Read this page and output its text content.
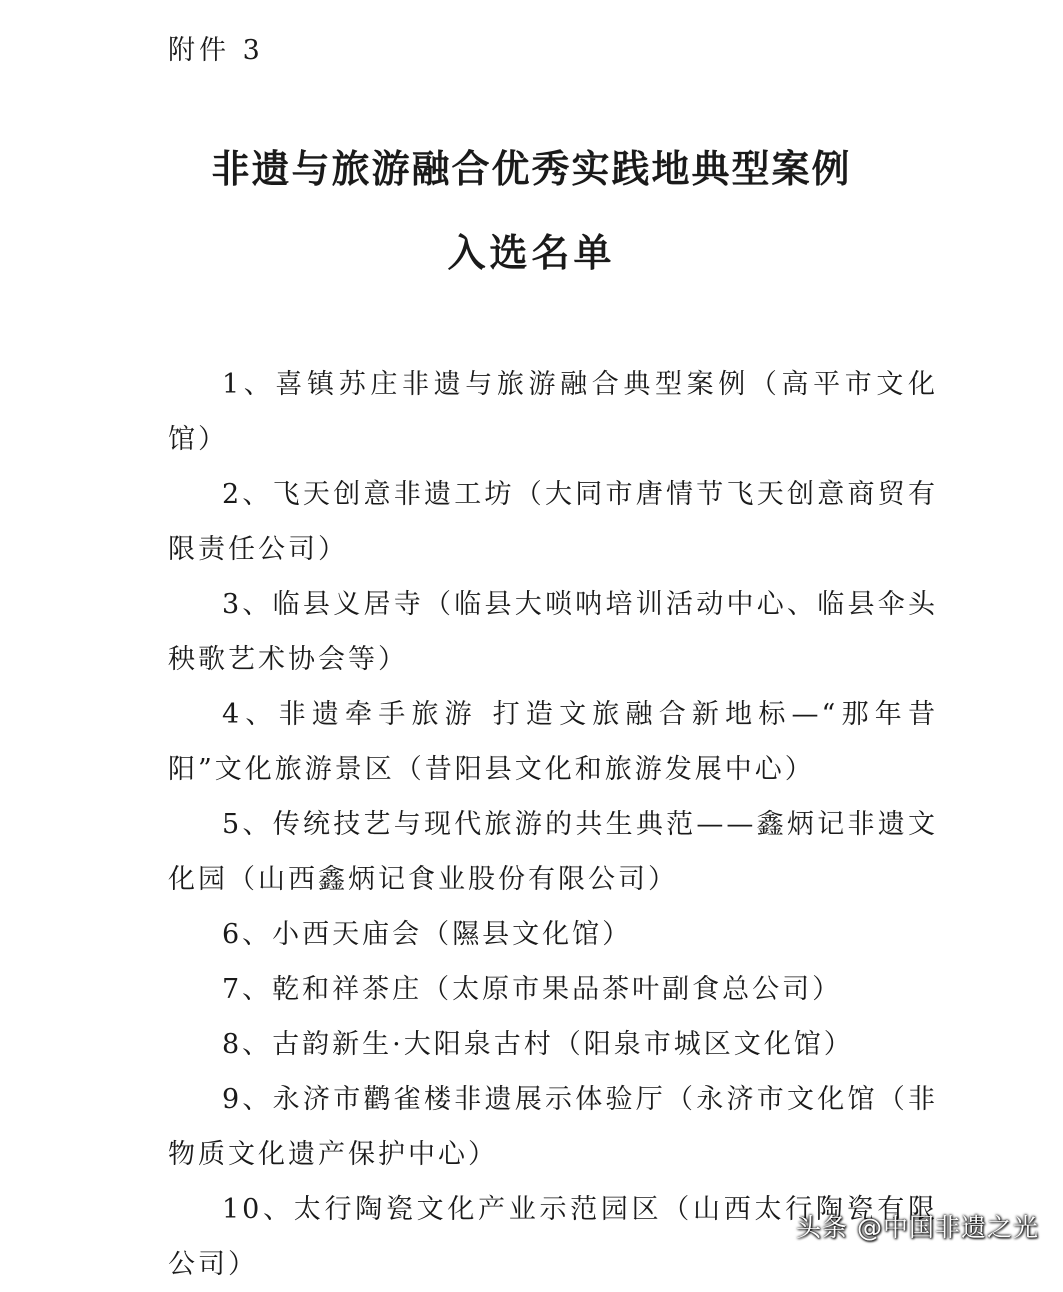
附件 3

非遗与旅游融合优秀实践地典型案例
入选名单
1、喜镇苏庄非遗与旅游融合典型案例（高平市文化馆）
2、飞天创意非遗工坊（大同市唐情节飞天创意商贸有限责任公司）
3、临县义居寺（临县大唢呐培训活动中心、临县伞头秧歌艺术协会等）
4、非遗牵手旅游 打造文旅融合新地标—“那年昔阳”文化旅游景区（昔阳县文化和旅游发展中心）
5、传统技艺与现代旅游的共生典范——鑫炳记非遗文化园（山西鑫炳记食业股份有限公司）
6、小西天庙会（隰县文化馆）
7、乾和祥茶庄（太原市果品茶叶副食总公司）
8、古韵新生·大阳泉古村（阳泉市城区文化馆）
9、永济市鹳雀楼非遗展示体验厅（永济市文化馆（非物质文化遗产保护中心）
10、太行陶瓷文化产业示范园区（山西太行陶瓷有限公司）
头条 @中国非遗之光
